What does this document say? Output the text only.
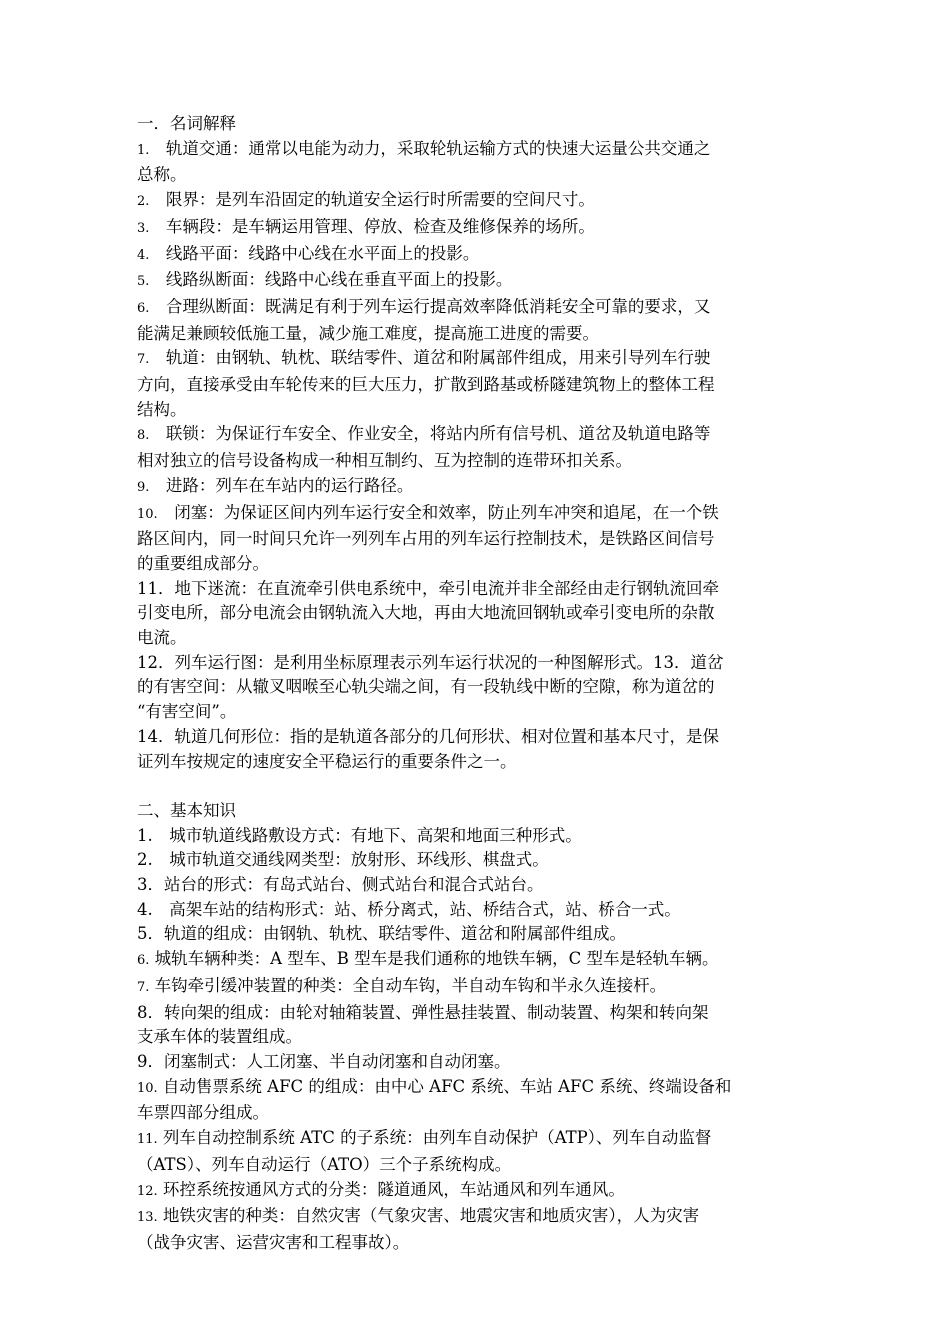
一．名词解释
1.　轨道交通：通常以电能为动力，采取轮轨运输方式的快速大运量公共交通之
总称。
2.　限界：是列车沿固定的轨道安全运行时所需要的空间尺寸。
3.　车辆段：是车辆运用管理、停放、检查及维修保养的场所。
4.　线路平面：线路中心线在水平面上的投影。
5.　线路纵断面：线路中心线在垂直平面上的投影。
6.　合理纵断面：既满足有利于列车运行提高效率降低消耗安全可靠的要求，又
能满足兼顾较低施工量，减少施工难度，提高施工进度的需要。
7.　轨道：由钢轨、轨枕、联结零件、道岔和附属部件组成，用来引导列车行驶
方向，直接承受由车轮传来的巨大压力，扩散到路基或桥隧建筑物上的整体工程
结构。
8.　联锁：为保证行车安全、作业安全，将站内所有信号机、道岔及轨道电路等
相对独立的信号设备构成一种相互制约、互为控制的连带环扣关系。
9.　进路：列车在车站内的运行路径。
10.　闭塞：为保证区间内列车运行安全和效率，防止列车冲突和追尾，在一个铁
路区间内，同一时间只允许一列列车占用的列车运行控制技术，是铁路区间信号
的重要组成部分。
11．地下迷流：在直流牵引供电系统中，牵引电流并非全部经由走行钢轨流回牵
引变电所，部分电流会由钢轨流入大地，再由大地流回钢轨或牵引变电所的杂散
电流。
12．列车运行图：是利用坐标原理表示列车运行状况的一种图解形式。13．道岔
的有害空间：从辙叉咽喉至心轨尖端之间，有一段轨线中断的空隙，称为道岔的
“有害空间”。
14．轨道几何形位：指的是轨道各部分的几何形状、相对位置和基本尺寸，是保
证列车按规定的速度安全平稳运行的重要条件之一。
二、基本知识
1.　城市轨道线路敷设方式：有地下、高架和地面三种形式。
2.　城市轨道交通线网类型：放射形、环线形、棋盘式。
3．站台的形式：有岛式站台、侧式站台和混合式站台。
4.　高架车站的结构形式：站、桥分离式，站、桥结合式，站、桥合一式。
5．轨道的组成：由钢轨、轨枕、联结零件、道岔和附属部件组成。
6. 城轨车辆种类：A 型车、B 型车是我们通称的地铁车辆，C 型车是轻轨车辆。
7. 车钩牵引缓冲装置的种类：全自动车钩，半自动车钩和半永久连接杆。
8．转向架的组成：由轮对轴箱装置、弹性悬挂装置、制动装置、构架和转向架
支承车体的装置组成。
9．闭塞制式：人工闭塞、半自动闭塞和自动闭塞。
10. 自动售票系统 AFC 的组成：由中心 AFC 系统、车站 AFC 系统、终端设备和
车票四部分组成。
11. 列车自动控制系统 ATC 的子系统：由列车自动保护（ATP）、列车自动监督
（ATS）、列车自动运行（ATO）三个子系统构成。
12. 环控系统按通风方式的分类：隧道通风，车站通风和列车通风。
13. 地铁灾害的种类：自然灾害（气象灾害、地震灾害和地质灾害），人为灾害
（战争灾害、运营灾害和工程事故）。
